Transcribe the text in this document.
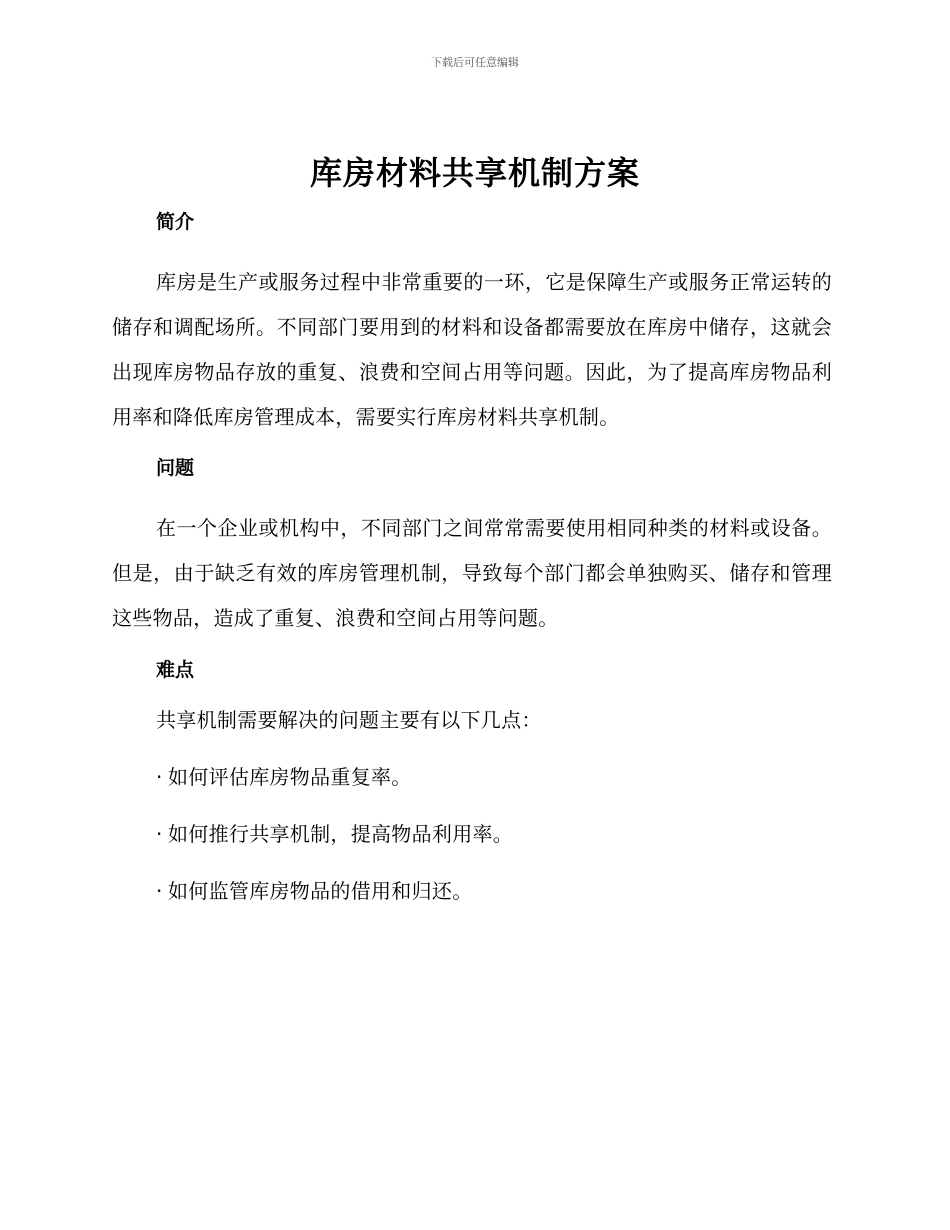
下载后可任意编辑
库房材料共享机制方案
简介

库房是生产或服务过程中非常重要的一环，它是保障生产或服务正常运转的储存和调配场所。不同部门要用到的材料和设备都需要放在库房中储存，这就会出现库房物品存放的重复、浪费和空间占用等问题。因此，为了提高库房物品利用率和降低库房管理成本，需要实行库房材料共享机制。

问题

在一个企业或机构中，不同部门之间常常需要使用相同种类的材料或设备。但是，由于缺乏有效的库房管理机制，导致每个部门都会单独购买、储存和管理这些物品，造成了重复、浪费和空间占用等问题。

难点

共享机制需要解决的问题主要有以下几点：

· 如何评估库房物品重复率。

· 如何推行共享机制，提高物品利用率。

· 如何监管库房物品的借用和归还。
